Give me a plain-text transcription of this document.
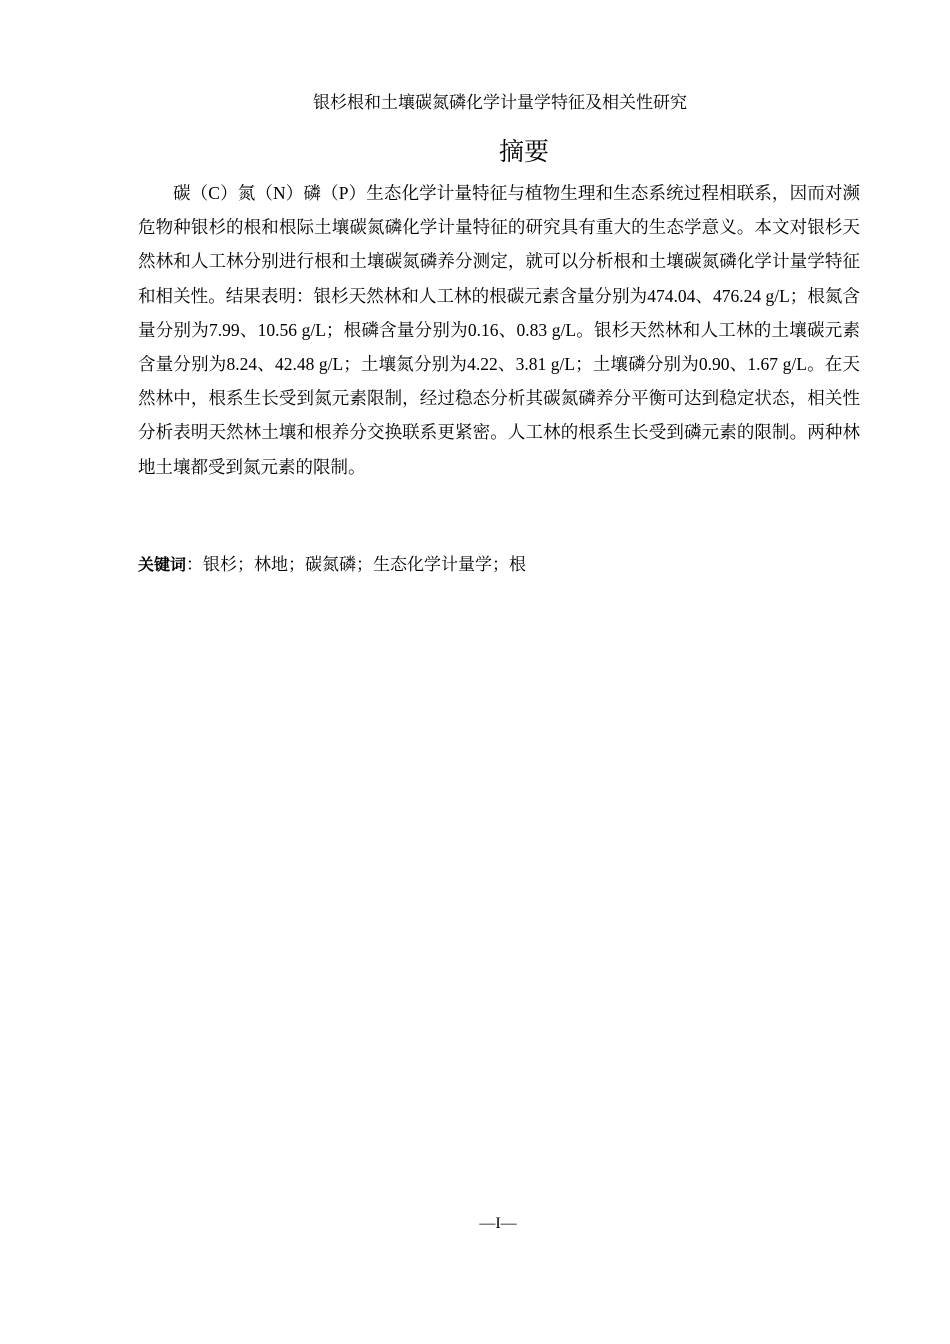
银杉根和土壤碳氮磷化学计量学特征及相关性研究
摘要

碳（C）氮（N）磷（P）生态化学计量特征与植物生理和生态系统过程相联系，因而对濒危物种银杉的根和根际土壤碳氮磷化学计量特征的研究具有重大的生态学意义。本文对银杉天然林和人工林分别进行根和土壤碳氮磷养分测定，就可以分析根和土壤碳氮磷化学计量学特征和相关性。结果表明：银杉天然林和人工林的根碳元素含量分别为474.04、476.24 g/L；根氮含量分别为7.99、10.56 g/L；根磷含量分别为0.16、0.83 g/L。银杉天然林和人工林的土壤碳元素含量分别为8.24、42.48 g/L；土壤氮分别为4.22、3.81 g/L；土壤磷分别为0.90、1.67 g/L。在天然林中，根系生长受到氮元素限制，经过稳态分析其碳氮磷养分平衡可达到稳定状态，相关性分析表明天然林土壤和根养分交换联系更紧密。人工林的根系生长受到磷元素的限制。两种林地土壤都受到氮元素的限制。

关键词：银杉；林地；碳氮磷；生态化学计量学；根
—I—
